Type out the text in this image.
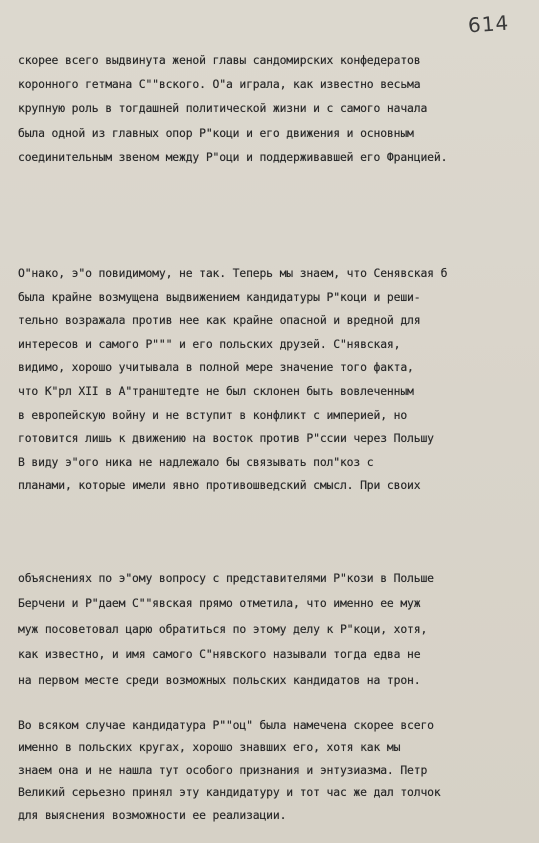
614
скорее всего выдвинута женой главы сандомирских конфедератов
коронного гетмана С""вского. О"а играла, как известно весьма
крупную роль в тогдашней политической жизни и с самого начала
была одной из главных опор Р"коци и его движения и основным
соединительным звеном между Р"оци и поддерживавшей его Францией.
О"нако, э"о повидимому, не так. Теперь мы знаем, что Сенявская б
была крайне возмущена выдвижением кандидатуры Р"коци и реши-
тельно возражала против нее как крайне опасной и вредной для
интересов и самого Р""" и его польских друзей. С"нявская,
видимо, хорошо учитывала в полной мере значение того факта,
что К"рл XII в А"транштедте не был склонен быть вовлеченным
в европейскую войну и не вступит в конфликт с империей, но
готовится лишь к движению на восток против Р"ссии через Польшу
В виду э"ого ника не надлежало бы связывать пол"коз с
планами, которые имели явно противошведский смысл. При своих
объяснениях по э"ому вопросу с представителями Р"кози в Польше
Берчени и Р"даем С""явская прямо отметила, что именно ее муж
муж посоветовал царю обратиться по этому делу к Р"коци, хотя,
как известно, и имя самого С"нявского называли тогда едва не
на первом месте среди возможных польских кандидатов на трон.
Во всяком случае кандидатура Р""оц" была намечена скорее всего
именно в польских кругах, хорошо знавших его, хотя как мы
знаем она и не нашла тут особого признания и энтузиазма. Петр
Великий серьезно принял эту кандидатуру и тот час же дал толчок
для выяснения возможности ее реализации.
